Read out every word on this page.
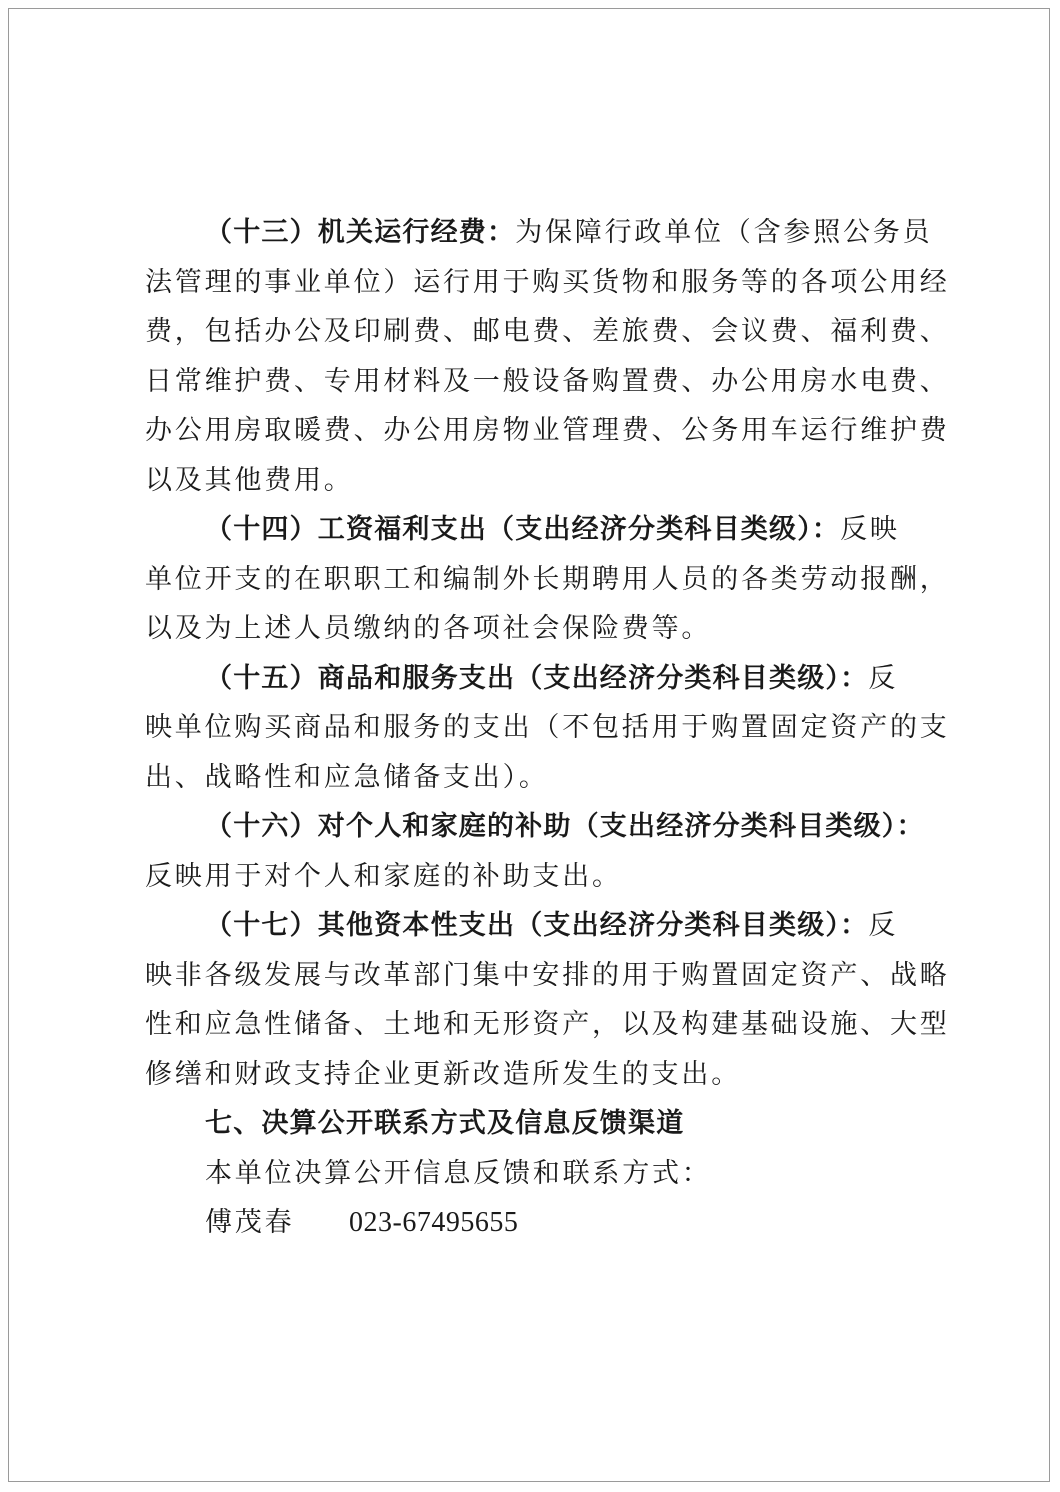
（十三）机关运行经费：为保障行政单位（含参照公务员
法管理的事业单位）运行用于购买货物和服务等的各项公用经
费，包括办公及印刷费、邮电费、差旅费、会议费、福利费、
日常维护费、专用材料及一般设备购置费、办公用房水电费、
办公用房取暖费、办公用房物业管理费、公务用车运行维护费
以及其他费用。
（十四）工资福利支出（支出经济分类科目类级）：反映
单位开支的在职职工和编制外长期聘用人员的各类劳动报酬，
以及为上述人员缴纳的各项社会保险费等。
（十五）商品和服务支出（支出经济分类科目类级）：反
映单位购买商品和服务的支出（不包括用于购置固定资产的支
出、战略性和应急储备支出）。
（十六）对个人和家庭的补助（支出经济分类科目类级）：
反映用于对个人和家庭的补助支出。
（十七）其他资本性支出（支出经济分类科目类级）：反
映非各级发展与改革部门集中安排的用于购置固定资产、战略
性和应急性储备、土地和无形资产，以及构建基础设施、大型
修缮和财政支持企业更新改造所发生的支出。
七、决算公开联系方式及信息反馈渠道
本单位决算公开信息反馈和联系方式：
傅茂春 023-67495655
